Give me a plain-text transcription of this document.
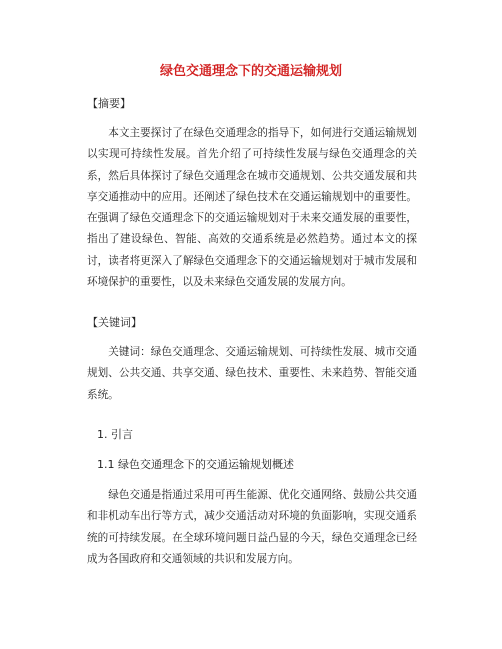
绿色交通理念下的交通运输规划
【摘要】
本文主要探讨了在绿色交通理念的指导下，如何进行交通运输规划以实现可持续性发展。首先介绍了可持续性发展与绿色交通理念的关系，然后具体探讨了绿色交通理念在城市交通规划、公共交通发展和共享交通推动中的应用。还阐述了绿色技术在交通运输规划中的重要性。在强调了绿色交通理念下的交通运输规划对于未来交通发展的重要性，指出了建设绿色、智能、高效的交通系统是必然趋势。通过本文的探讨，读者将更深入了解绿色交通理念下的交通运输规划对于城市发展和环境保护的重要性，以及未来绿色交通发展的发展方向。
【关键词】
关键词：绿色交通理念、交通运输规划、可持续性发展、城市交通规划、公共交通、共享交通、绿色技术、重要性、未来趋势、智能交通系统。
1. 引言
1.1 绿色交通理念下的交通运输规划概述
绿色交通是指通过采用可再生能源、优化交通网络、鼓励公共交通和非机动车出行等方式，减少交通活动对环境的负面影响，实现交通系统的可持续发展。在全球环境问题日益凸显的今天，绿色交通理念已经成为各国政府和交通领域的共识和发展方向。
